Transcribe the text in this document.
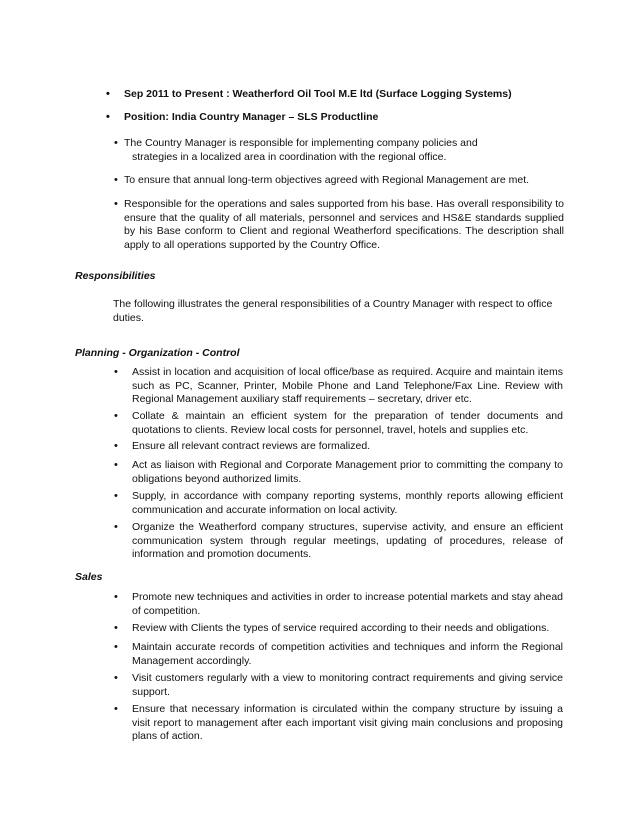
• Sep 2011 to Present : Weatherford Oil Tool M.E ltd (Surface Logging Systems)
• Position: India Country Manager – SLS Productline
• The Country Manager is responsible for implementing company policies and
strategies in a localized area in coordination with the regional office.
• To ensure that annual long-term objectives agreed with Regional Management are met.
• Responsible for the operations and sales supported from his base. Has overall responsibility to ensure that the quality of all materials, personnel and services and HS&E standards supplied by his Base conform to Client and regional Weatherford specifications. The description shall apply to all operations supported by the Country Office.
Responsibilities
The following illustrates the general responsibilities of a Country Manager with respect to office duties.
Planning - Organization - Control
• Assist in location and acquisition of local office/base as required. Acquire and maintain items such as PC, Scanner, Printer, Mobile Phone and Land Telephone/Fax Line. Review with Regional Management auxiliary staff requirements – secretary, driver etc.
• Collate & maintain an efficient system for the preparation of tender documents and quotations to clients. Review local costs for personnel, travel, hotels and supplies etc.
• Ensure all relevant contract reviews are formalized.
• Act as liaison with Regional and Corporate Management prior to committing the company to obligations beyond authorized limits.
• Supply, in accordance with company reporting systems, monthly reports allowing efficient communication and accurate information on local activity.
• Organize the Weatherford company structures, supervise activity, and ensure an efficient communication system through regular meetings, updating of procedures, release of information and promotion documents.
Sales
• Promote new techniques and activities in order to increase potential markets and stay ahead of competition.
• Review with Clients the types of service required according to their needs and obligations.
• Maintain accurate records of competition activities and techniques and inform the Regional Management accordingly.
• Visit customers regularly with a view to monitoring contract requirements and giving service support.
• Ensure that necessary information is circulated within the company structure by issuing a visit report to management after each important visit giving main conclusions and proposing plans of action.
